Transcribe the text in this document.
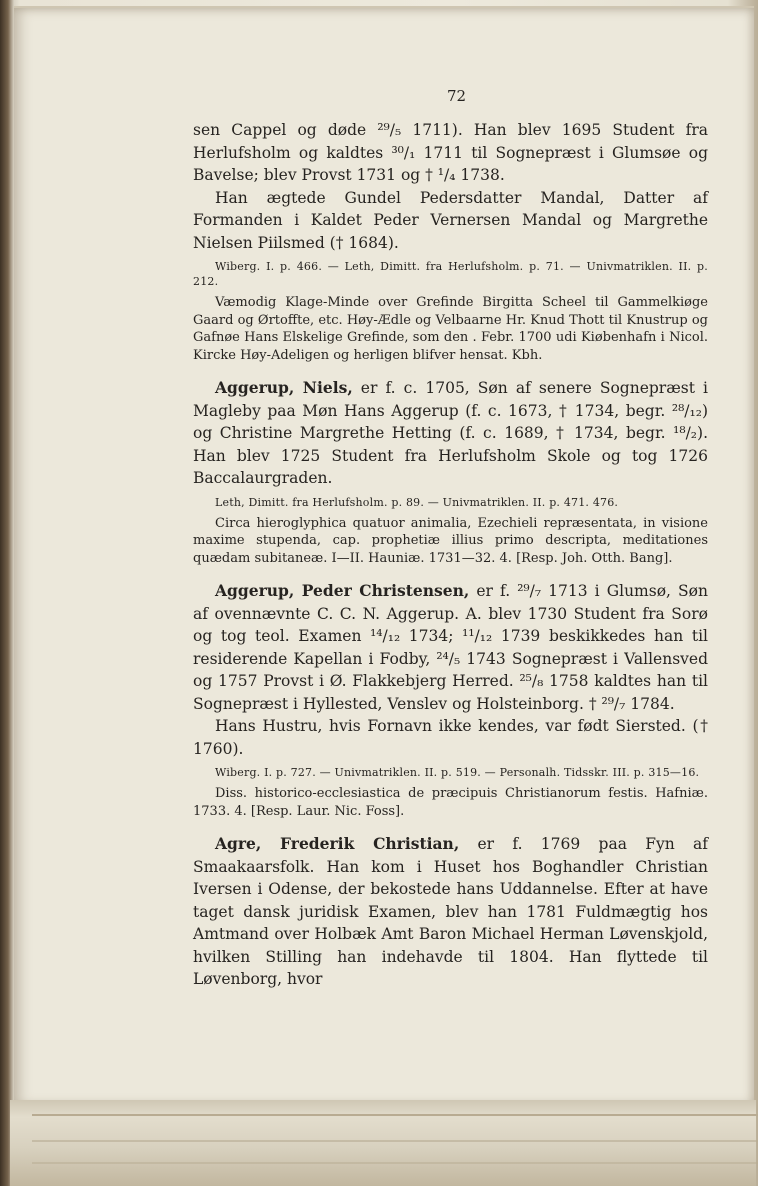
72

sen Cappel og døde ²⁹/₅ 1711). Han blev 1695 Student fra Herlufsholm og kaldtes ³⁰/₁ 1711 til Sognepræst i Glumsøe og Bavelse; blev Provst 1731 og † ¹/₄ 1738.

Han ægtede Gundel Pedersdatter Mandal, Datter af Formanden i Kaldet Peder Vernersen Mandal og Margrethe Nielsen Piilsmed († 1684).

Wiberg. I. p. 466. — Leth, Dimitt. fra Herlufsholm. p. 71. — Univmatriklen. II. p. 212.

Væmodig Klage-Minde over Grefinde Birgitta Scheel til Gammelkiøge Gaard og Ørtoffte, etc. Høy-Ædle og Velbaarne Hr. Knud Thott til Knustrup og Gafnøe Hans Elskelige Grefinde, som den . Febr. 1700 udi Kiøbenhafn i Nicol. Kircke Høy-Adeligen og herligen blifver hensat. Kbh.

Aggerup, Niels, er f. c. 1705, Søn af senere Sognepræst i Magleby paa Møn Hans Aggerup (f. c. 1673, † 1734, begr. ²⁸/₁₂) og Christine Margrethe Hetting (f. c. 1689, † 1734, begr. ¹⁸/₂). Han blev 1725 Student fra Herlufsholm Skole og tog 1726 Baccalaurgraden.

Leth, Dimitt. fra Herlufsholm. p. 89. — Univmatriklen. II. p. 471. 476.

Circa hieroglyphica quatuor animalia, Ezechieli repræsentata, in visione maxime stupenda, cap. prophetiæ illius primo descripta, meditationes quædam subitaneæ. I—II. Hauniæ. 1731—32. 4. [Resp. Joh. Otth. Bang].

Aggerup, Peder Christensen, er f. ²⁹/₇ 1713 i Glumsø, Søn af ovennævnte C. C. N. Aggerup. A. blev 1730 Student fra Sorø og tog teol. Examen ¹⁴/₁₂ 1734; ¹¹/₁₂ 1739 beskikkedes han til residerende Kapellan i Fodby, ²⁴/₅ 1743 Sognepræst i Vallensved og 1757 Provst i Ø. Flakkebjerg Herred. ²⁵/₈ 1758 kaldtes han til Sognepræst i Hyllested, Venslev og Holsteinborg. † ²⁹/₇ 1784.

Hans Hustru, hvis Fornavn ikke kendes, var født Siersted. († 1760).

Wiberg. I. p. 727. — Univmatriklen. II. p. 519. — Personalh. Tidsskr. III. p. 315—16.

Diss. historico-ecclesiastica de præcipuis Christianorum festis. Hafniæ. 1733. 4. [Resp. Laur. Nic. Foss].

Agre, Frederik Christian, er f. 1769 paa Fyn af Smaakaarsfolk. Han kom i Huset hos Boghandler Christian Iversen i Odense, der bekostede hans Uddannelse. Efter at have taget dansk juridisk Examen, blev han 1781 Fuldmægtig hos Amtmand over Holbæk Amt Baron Michael Herman Løvenskjold, hvilken Stilling han indehavde til 1804. Han flyttede til Løvenborg, hvor
